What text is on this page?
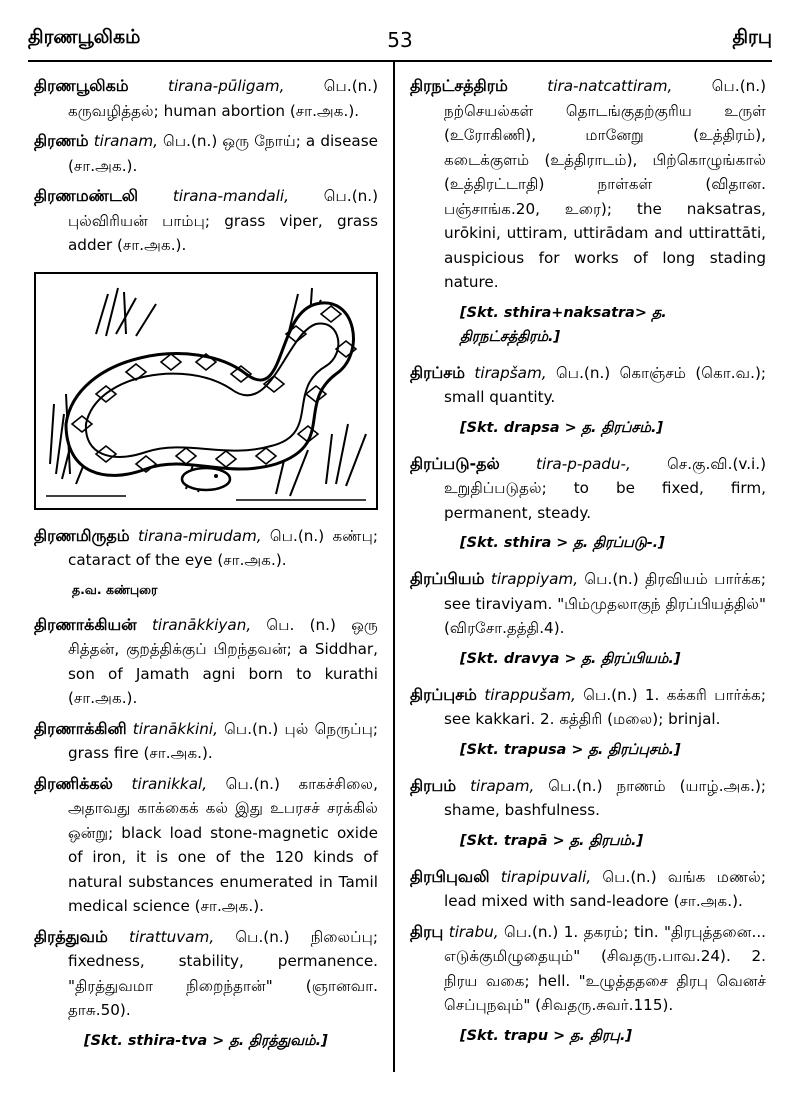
திரணபூலிகம்	53	திரபு

திரணபூலிகம்	tirana-pūligam, பெ.(n.) கருவழித்தல்; human abortion (சா.அக.).

திரணம் tiranam, பெ.(n.) ஒரு நோய்; a disease (சா.அக.).

திரணமண்டலி tirana-mandali, பெ.(n.) புல்விரியன் பாம்பு; grass viper, grass adder (சா.அக.).

திரணமிருதம் tirana-mirudam, பெ.(n.) கண்பு; cataract of the eye (சா.அக.).

த.வ. கண்புரை

திரணாக்கியன் tiranākkiyan, பெ. (n.) ஒரு சித்தன், குறத்திக்குப் பிறந்தவன்; a Siddhar, son of Jamath agni born to kurathi (சா.அக.).

திரணாக்கினி tiranākkini, பெ.(n.) புல் நெருப்பு; grass fire (சா.அக.).

திரணிக்கல் tiranikkal, பெ.(n.) காகச்சிலை, அதாவது காக்கைக் கல் இது உபரசச் சரக்கில் ஒன்று; black load stone-magnetic oxide of iron, it is one of the 120 kinds of natural substances enumerated in Tamil medical science (சா.அக.).

திரத்துவம் tirattuvam, பெ.(n.) நிலைப்பு; fixedness, stability, permanence. "திரத்துவமா நிறைந்தான்" (ஞானவா. தாசு.50).

[Skt. sthira-tva > த. திரத்துவம்.]

திரநட்சத்திரம்	tira-natcattiram, பெ.(n.) நற்செயல்கள் தொடங்குதற்குரிய உருள் (உரோகிணி), மானேறு (உத்திரம்), கடைக்குளம் (உத்திராடம்), பிற்கொழுங்கால் (உத்திரட்டாதி) நாள்கள் (விதான. பஞ்சாங்க.20, உரை); the naksatras, urōkini, uttiram, uttirādam and uttirattāti, auspicious for works of long stading nature.

[Skt. sthira+naksatra> த. திரநட்சத்திரம்.]

திரப்சம் tirapšam, பெ.(n.) கொஞ்சம் (கொ.வ.); small quantity.

[Skt. drapsa > த. திரப்சம்.]

திரப்படு-தல் tira-p-padu-, செ.கு.வி.(v.i.) உறுதிப்படுதல்; to be fixed, firm, permanent, steady.

[Skt. sthira > த. திரப்படு-.]

திரப்பியம் tirappiyam, பெ.(n.) திரவியம் பார்க்க; see tiraviyam. "பிம்முதலாகுந் திரப்பியத்தில்" (விரசோ.தத்தி.4).

[Skt. dravya > த. திரப்பியம்.]

திரப்புசம் tirappušam, பெ.(n.) 1. கக்கரி பார்க்க; see kakkari. 2. கத்திரி (மலை); brinjal.

[Skt. trapusa > த. திரப்புசம்.]

திரபம் tirapam, பெ.(n.) நாணம் (யாழ்.அக.); shame, bashfulness.

[Skt. trapā > த. திரபம்.]

திரபிபுவலி tirapipuvali, பெ.(n.) வங்க மணல்; lead mixed with sand-leadore (சா.அக.).

திரபு tirabu, பெ.(n.) 1. தகரம்; tin. "திரபுத்தனை... எடுக்குமிழுதையும்" (சிவதரு.பாவ.24). 2. நிரய வகை; hell. "உழுத்ததசை திரபு வெனச் செப்புநவும்" (சிவதரு.சுவர்.115).

[Skt. trapu > த. திரபு.]
